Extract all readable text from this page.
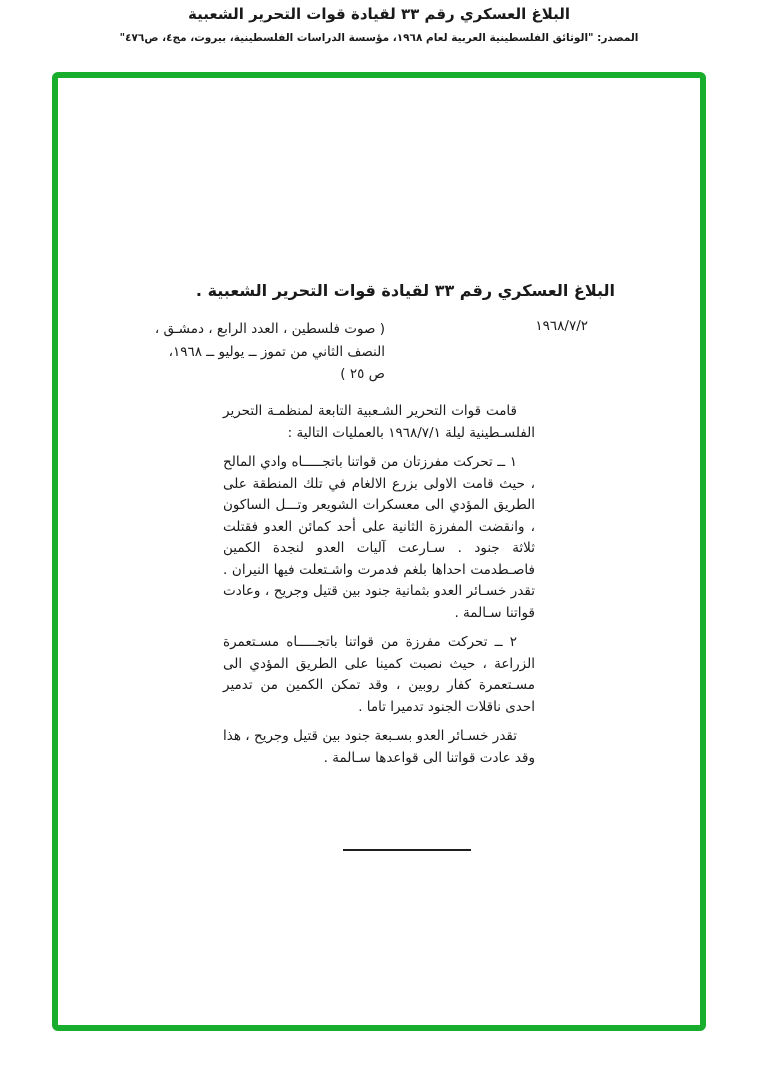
البلاغ العسكري رقم ٣٣ لقيادة قوات التحرير الشعبية
المصدر: "الوثائق الفلسطينية العربية لعام ١٩٦٨، مؤسسة الدراسات الفلسطينية، بيروت، مج٤، ص٤٧٦"
البلاغ العسكري رقم ٣٣ لقيادة قوات التحرير الشعبية .
١٩٦٨/٧/٢
( صوت فلسطين ، العدد الرابع ، دمشـق ،
النصف الثاني من تموز ــ يوليو ــ ١٩٦٨،
ص ٢٥ )

قامت قوات التحرير الشـعبية التابعة لمنظمـة التحرير الفلسـطينية ليلة ١٩٦٨/٧/١ بالعمليات التالية :

١ ــ تحركت مفرزتان من قواتنا باتجـــــاه وادي المالح ، حيث قامت الاولى بزرع الالغام في تلك المنطقة على الطريق المؤدي الى معسكرات الشويعر وتـــل الساكون ، وانقضت المفرزة الثانية على أحد كمائن العدو فقتلت ثلاثة جنود . سـارعت آليات العدو لنجدة الكمين فاصـطدمت احداها بلغم فدمرت واشـتعلت فيها النيران . تقدر خسـائر العدو بثمانية جنود بين قتيل وجريح ، وعادت قواتنا سـالمة .

٢ ــ تحركت مفرزة من قواتنا باتجـــــاه مسـتعمرة الزراعة ، حيث نصبت كمينا على الطريق المؤدي الى مسـتعمرة كفار روبين ، وقد تمكن الكمين من تدمير احدى ناقلات الجنود تدميرا تاما .

تقدر خسـائر العدو بسـبعة جنود بين قتيل وجريح ، هذا وقد عادت قواتنا الى قواعدها سـالمة .
